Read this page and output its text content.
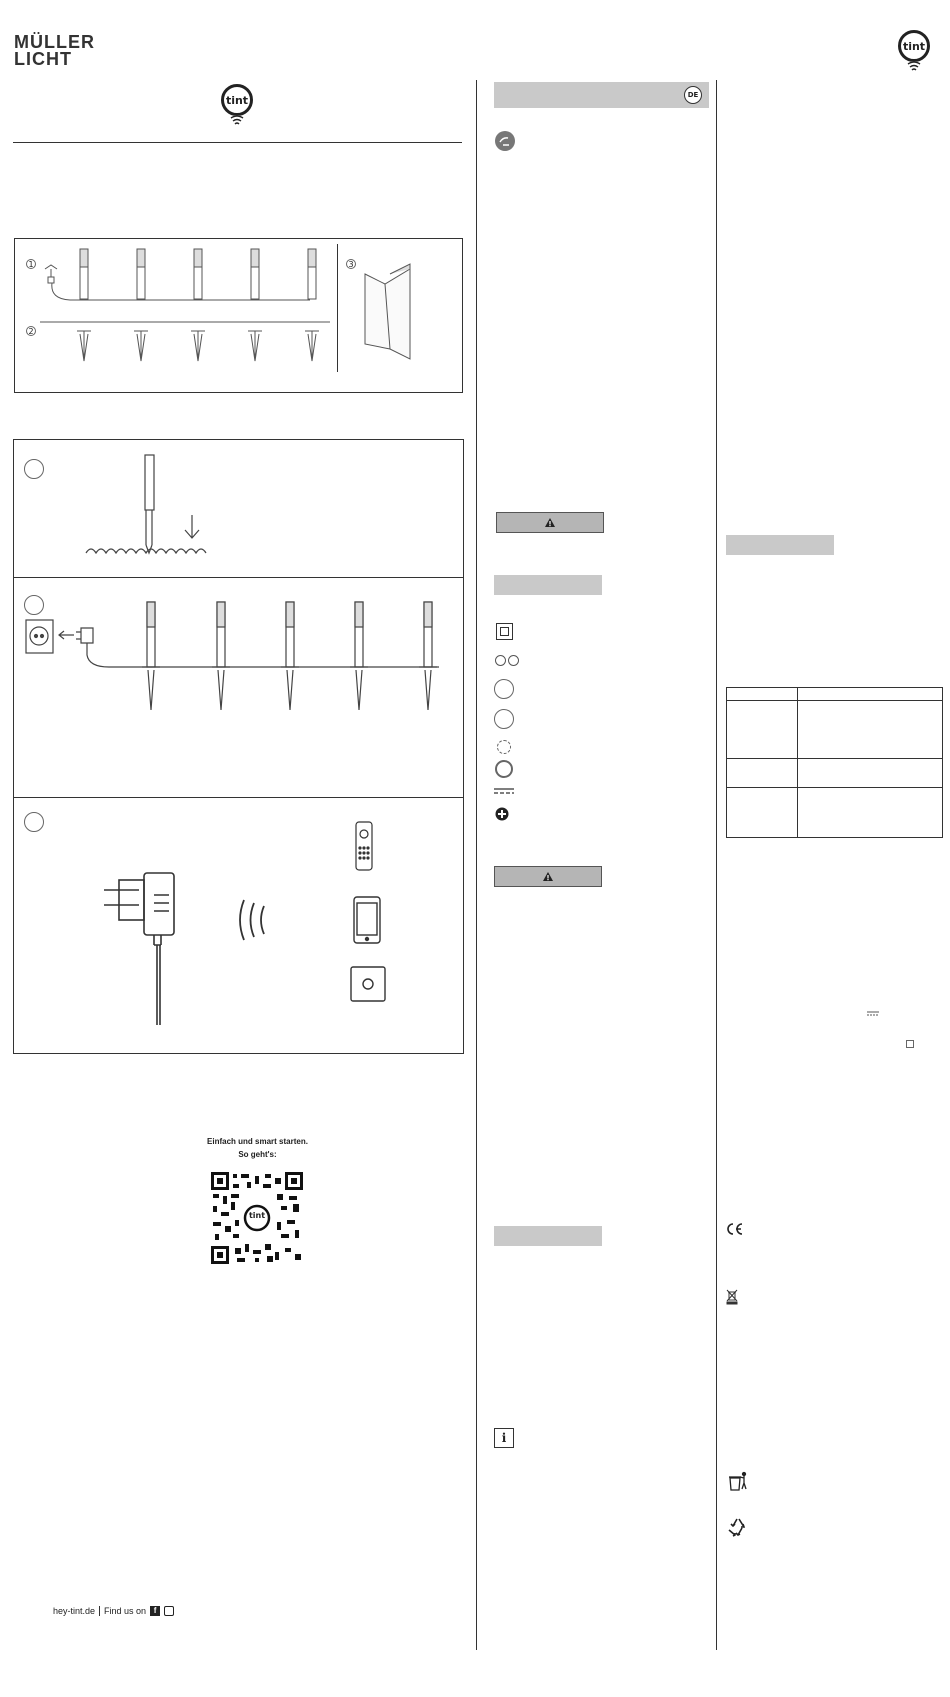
MÜLLER
LICHT
tint
tint
1
2
3
Einfach und smart starten.
So geht's:
tint
hey-tint.de Find us on f
DE
i
